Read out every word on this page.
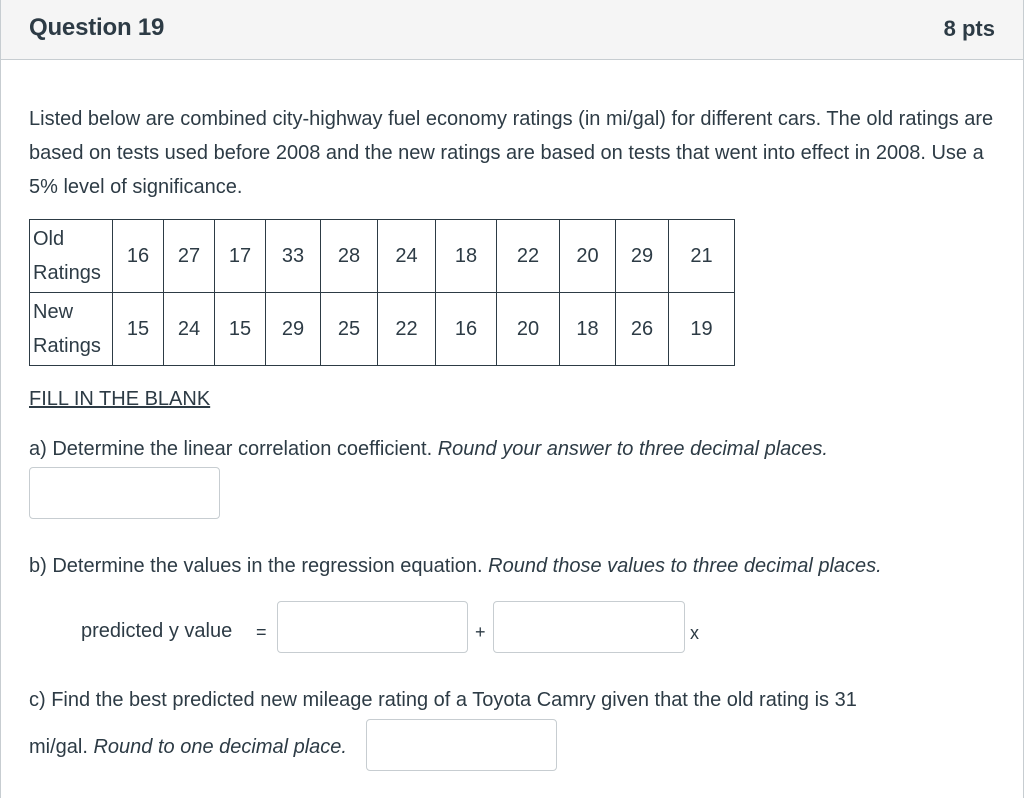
Question 19	8 pts
Listed below are combined city-highway fuel economy ratings (in mi/gal) for different cars. The old ratings are based on tests used before 2008 and the new ratings are based on tests that went into effect in 2008. Use a 5% level of significance.
Old
Ratings	16	27	17	33	28	24	18	22	20	29	21
New
Ratings	15	24	15	29	25	22	16	20	18	26	19
FILL IN THE BLANK
a) Determine the linear correlation coefficient. Round your answer to three decimal places.
b) Determine the values in the regression equation. Round those values to three decimal places.
predicted y value =	+	x
c) Find the best predicted new mileage rating of a Toyota Camry given that the old rating is 31
mi/gal. Round to one decimal place.
